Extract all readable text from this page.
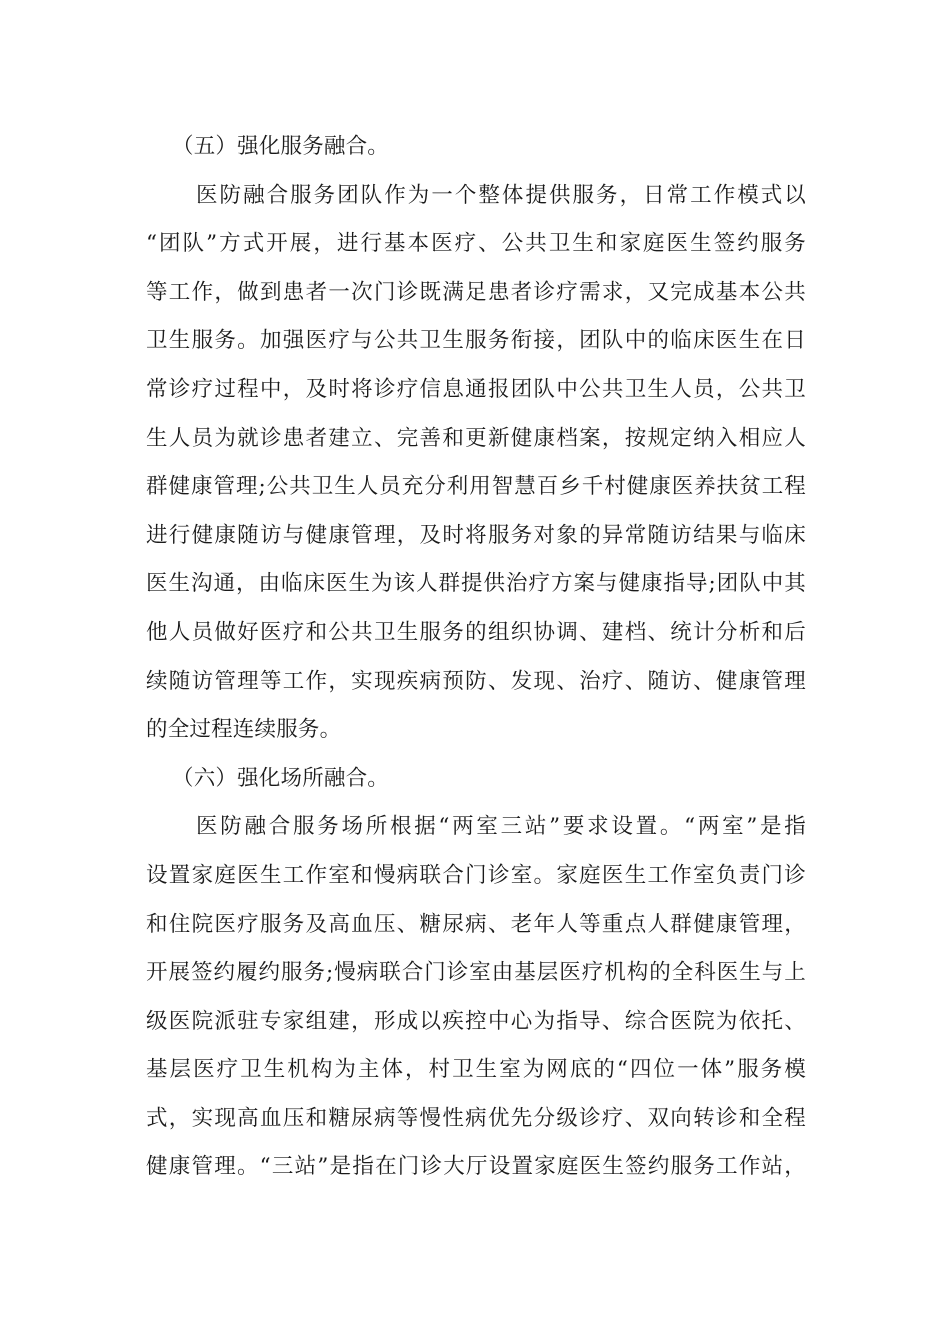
（五）强化服务融合。
医防融合服务团队作为一个整体提供服务，日常工作模式以
“团队”方式开展，进行基本医疗、公共卫生和家庭医生签约服务
等工作，做到患者一次门诊既满足患者诊疗需求，又完成基本公共
卫生服务。加强医疗与公共卫生服务衔接，团队中的临床医生在日
常诊疗过程中，及时将诊疗信息通报团队中公共卫生人员，公共卫
生人员为就诊患者建立、完善和更新健康档案，按规定纳入相应人
群健康管理;公共卫生人员充分利用智慧百乡千村健康医养扶贫工程
进行健康随访与健康管理，及时将服务对象的异常随访结果与临床
医生沟通，由临床医生为该人群提供治疗方案与健康指导;团队中其
他人员做好医疗和公共卫生服务的组织协调、建档、统计分析和后
续随访管理等工作，实现疾病预防、发现、治疗、随访、健康管理
的全过程连续服务。
（六）强化场所融合。
医防融合服务场所根据“两室三站”要求设置。“两室”是指
设置家庭医生工作室和慢病联合门诊室。家庭医生工作室负责门诊
和住院医疗服务及高血压、糖尿病、老年人等重点人群健康管理，
开展签约履约服务;慢病联合门诊室由基层医疗机构的全科医生与上
级医院派驻专家组建，形成以疾控中心为指导、综合医院为依托、
基层医疗卫生机构为主体，村卫生室为网底的“四位一体”服务模
式，实现高血压和糖尿病等慢性病优先分级诊疗、双向转诊和全程
健康管理。“三站”是指在门诊大厅设置家庭医生签约服务工作站，
